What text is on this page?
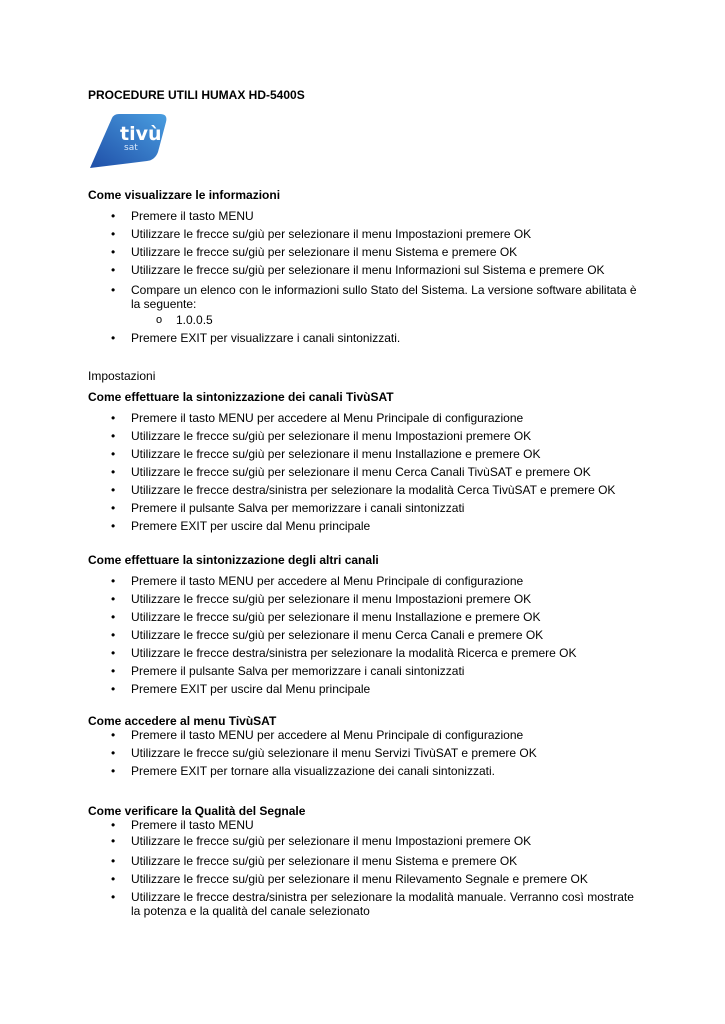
PROCEDURE UTILI HUMAX HD-5400S

tivù
sat

Come visualizzare le informazioni

• Premere il tasto MENU
• Utilizzare le frecce su/giù per selezionare il menu Impostazioni premere OK
• Utilizzare le frecce su/giù per selezionare il menu Sistema e premere OK
• Utilizzare le frecce su/giù per selezionare il menu Informazioni sul Sistema e premere OK
• Compare un elenco con le informazioni sullo Stato del Sistema. La versione software abilitata è la seguente:
o 1.0.0.5
• Premere EXIT per visualizzare i canali sintonizzati.

Impostazioni

Come effettuare la sintonizzazione dei canali TivùSAT

• Premere il tasto MENU per accedere al Menu Principale di configurazione
• Utilizzare le frecce su/giù per selezionare il menu Impostazioni premere OK
• Utilizzare le frecce su/giù per selezionare il menu Installazione e premere OK
• Utilizzare le frecce su/giù per selezionare il menu Cerca Canali TivùSAT e premere OK
• Utilizzare le frecce destra/sinistra per selezionare la modalità Cerca TivùSAT e premere OK
• Premere il pulsante Salva per memorizzare i canali sintonizzati
• Premere EXIT per uscire dal Menu principale

Come effettuare la sintonizzazione degli altri canali

• Premere il tasto MENU per accedere al Menu Principale di configurazione
• Utilizzare le frecce su/giù per selezionare il menu Impostazioni premere OK
• Utilizzare le frecce su/giù per selezionare il menu Installazione e premere OK
• Utilizzare le frecce su/giù per selezionare il menu Cerca Canali e premere OK
• Utilizzare le frecce destra/sinistra per selezionare la modalità Ricerca e premere OK
• Premere il pulsante Salva per memorizzare i canali sintonizzati
• Premere EXIT per uscire dal Menu principale

Come accedere al menu TivùSAT

• Premere il tasto MENU per accedere al Menu Principale di configurazione
• Utilizzare le frecce su/giù selezionare il menu Servizi TivùSAT e premere OK
• Premere EXIT per tornare alla visualizzazione dei canali sintonizzati.

Come verificare la Qualità del Segnale

• Premere il tasto MENU
• Utilizzare le frecce su/giù per selezionare il menu Impostazioni premere OK
• Utilizzare le frecce su/giù per selezionare il menu Sistema e premere OK
• Utilizzare le frecce su/giù per selezionare il menu Rilevamento Segnale e premere OK
• Utilizzare le frecce destra/sinistra per selezionare la modalità manuale. Verranno così mostrate la potenza e la qualità del canale selezionato
